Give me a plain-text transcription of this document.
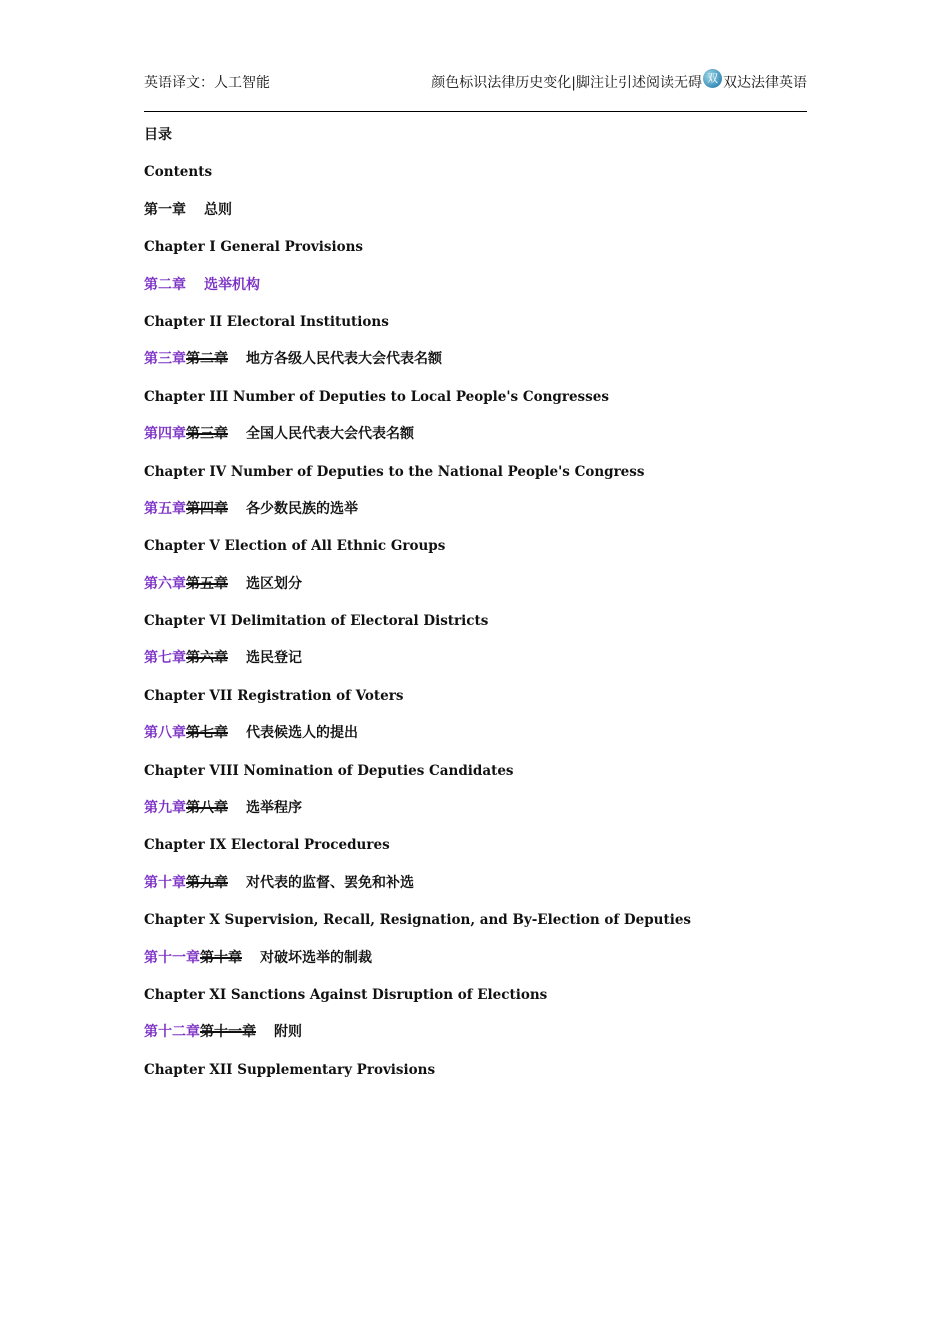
英语译文：人工智能	颜色标识法律历史变化|脚注让引述阅读无碍 双 双达法律英语
目录
Contents
第一章 总则
Chapter I General Provisions
第二章 选举机构
Chapter II Electoral Institutions
第三章第二章 地方各级人民代表大会代表名额
Chapter III Number of Deputies to Local People's Congresses
第四章第三章 全国人民代表大会代表名额
Chapter IV Number of Deputies to the National People's Congress
第五章第四章 各少数民族的选举
Chapter V Election of All Ethnic Groups
第六章第五章 选区划分
Chapter VI Delimitation of Electoral Districts
第七章第六章 选民登记
Chapter VII Registration of Voters
第八章第七章 代表候选人的提出
Chapter VIII Nomination of Deputies Candidates
第九章第八章 选举程序
Chapter IX Electoral Procedures
第十章第九章 对代表的监督、罢免和补选
Chapter X Supervision, Recall, Resignation, and By-Election of Deputies
第十一章第十章 对破坏选举的制裁
Chapter XI Sanctions Against Disruption of Elections
第十二章第十一章 附则
Chapter XII Supplementary Provisions
